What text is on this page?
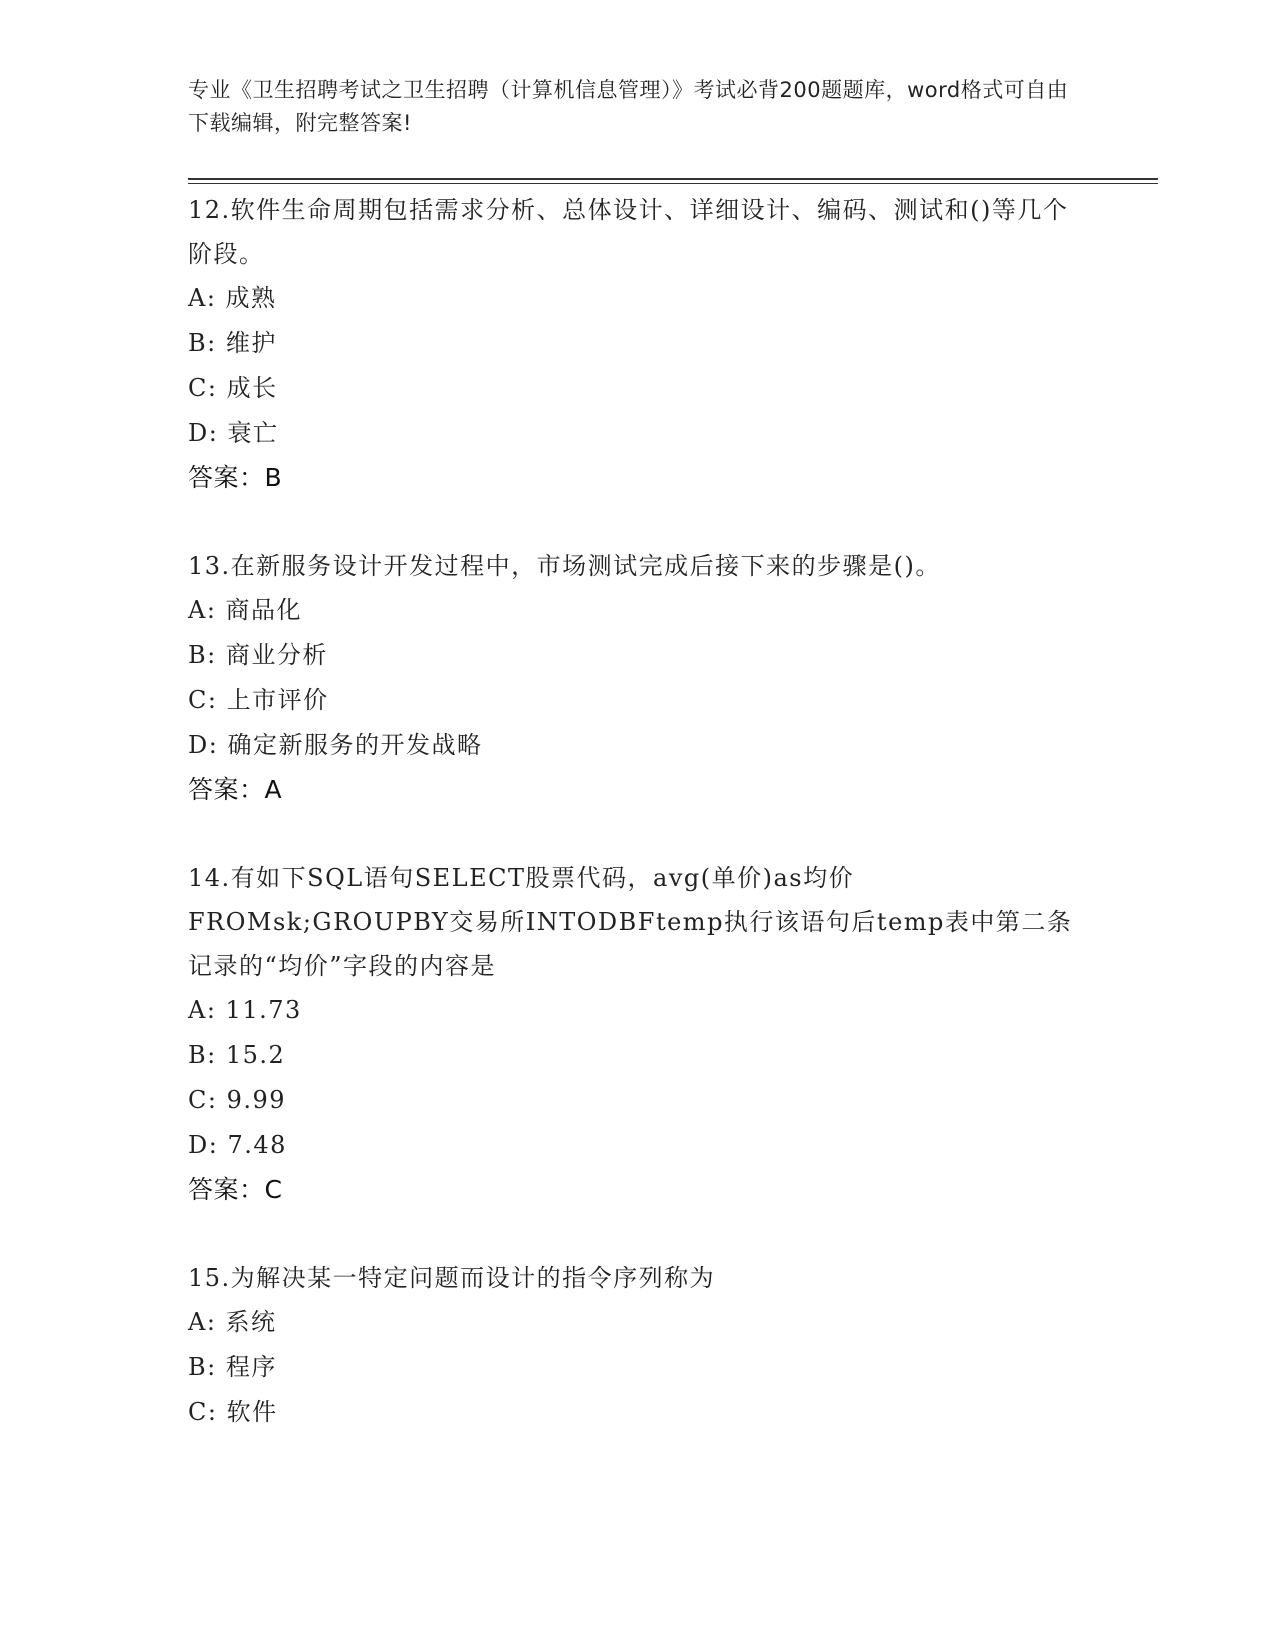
专业《卫生招聘考试之卫生招聘（计算机信息管理）》考试必背200题题库，word格式可自由下载编辑，附完整答案!
12.软件生命周期包括需求分析、总体设计、详细设计、编码、测试和()等几个阶段。
A: 成熟
B: 维护
C: 成长
D: 衰亡
答案：B
13.在新服务设计开发过程中，市场测试完成后接下来的步骤是()。
A: 商品化
B: 商业分析
C: 上市评价
D: 确定新服务的开发战略
答案：A
14.有如下SQL语句SELECT股票代码，avg(单价)as均价FROMsk;GROUPBY交易所INTODBFtemp执行该语句后temp表中第二条记录的“均价”字段的内容是
A: 11.73
B: 15.2
C: 9.99
D: 7.48
答案：C
15.为解决某一特定问题而设计的指令序列称为
A: 系统
B: 程序
C: 软件
